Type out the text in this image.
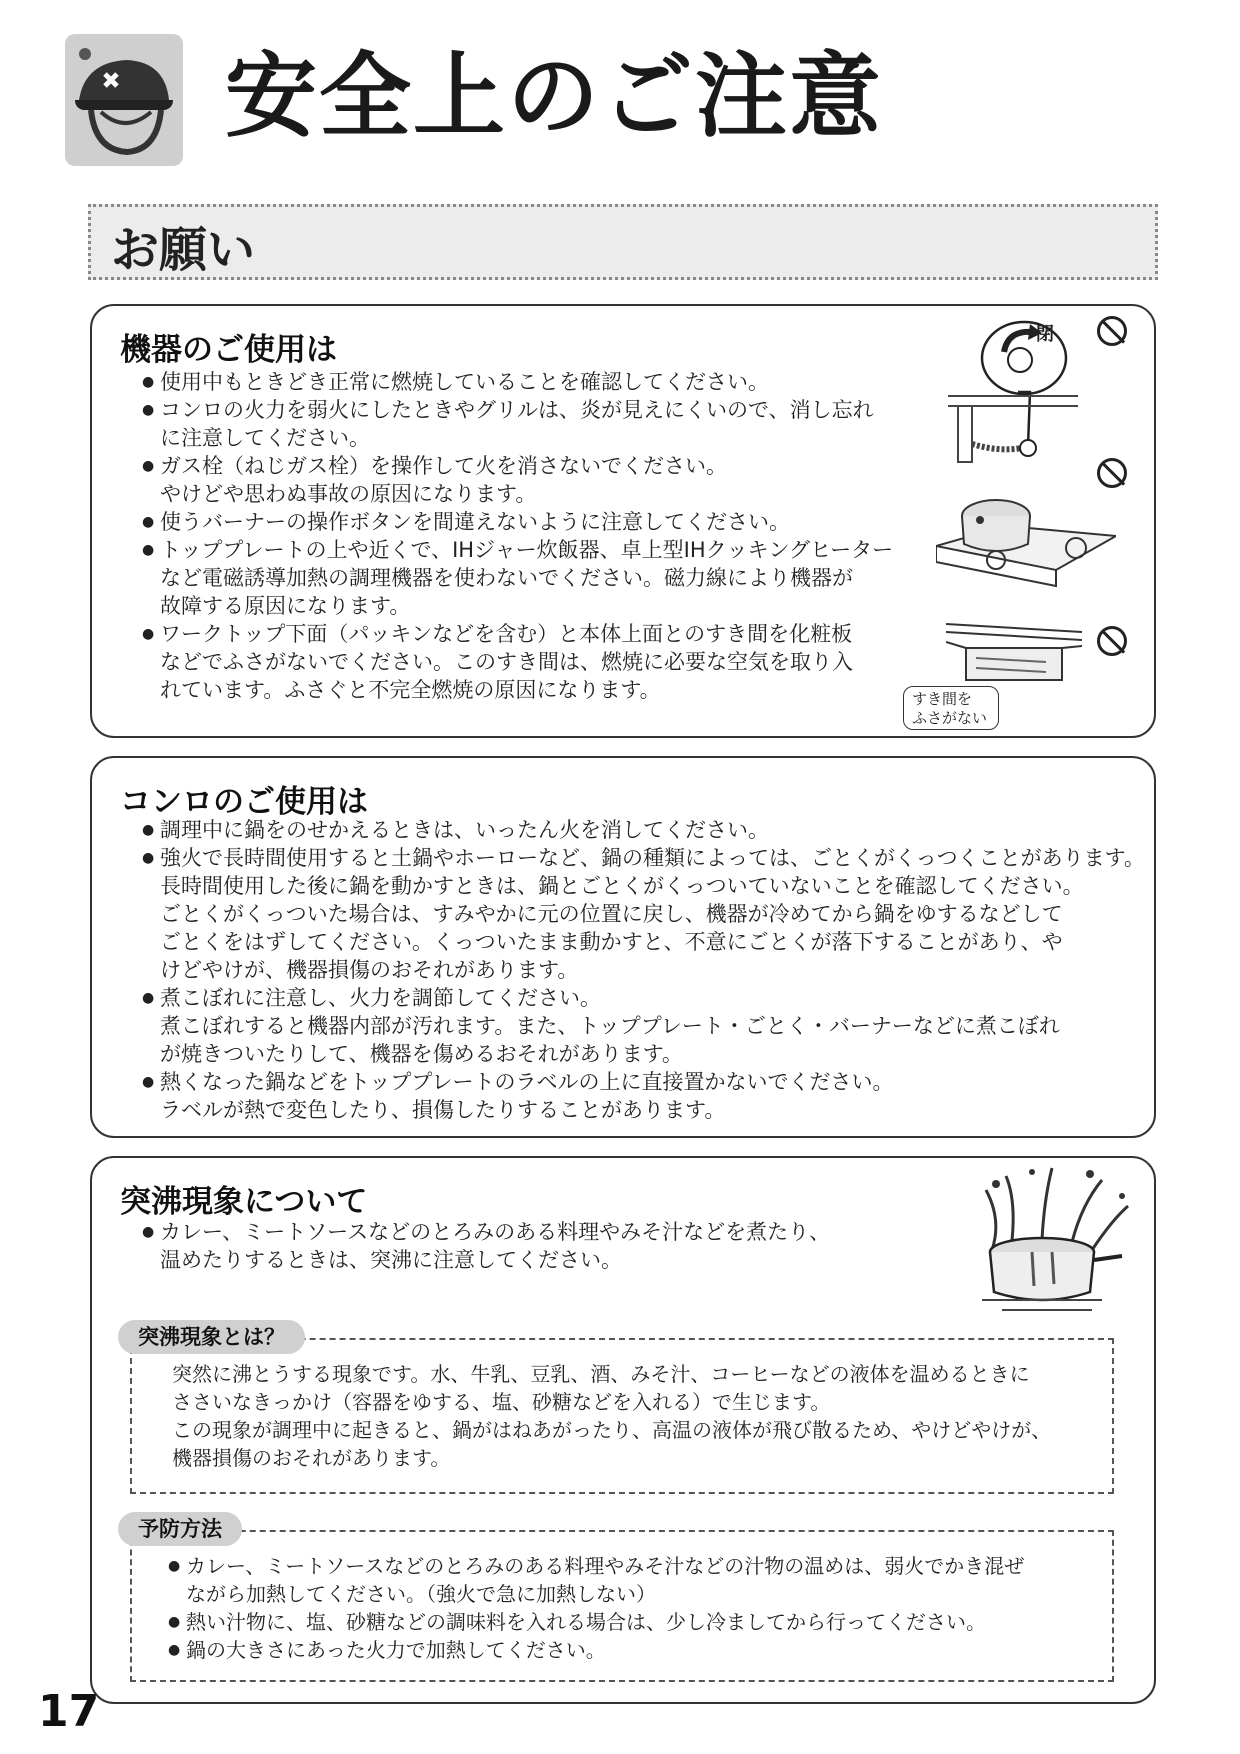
安全上のご注意
お願い
機器のご使用は
● 使用中もときどき正常に燃焼していることを確認してください。
● コンロの火力を弱火にしたときやグリルは、炎が見えにくいので、消し忘れ
に注意してください。
● ガス栓（ねじガス栓）を操作して火を消さないでください。
やけどや思わぬ事故の原因になります。
● 使うバーナーの操作ボタンを間違えないように注意してください。
● トッププレートの上や近くで、IHジャー炊飯器、卓上型IHクッキングヒーター
など電磁誘導加熱の調理機器を使わないでください。磁力線により機器が
故障する原因になります。
● ワークトップ下面（パッキンなどを含む）と本体上面とのすき間を化粧板
などでふさがないでください。このすき間は、燃焼に必要な空気を取り入
れています。ふさぐと不完全燃焼の原因になります。
閉
すき間を
ふさがない
コンロのご使用は
● 調理中に鍋をのせかえるときは、いったん火を消してください。
● 強火で長時間使用すると土鍋やホーローなど、鍋の種類によっては、ごとくがくっつくことがあります。
長時間使用した後に鍋を動かすときは、鍋とごとくがくっついていないことを確認してください。
ごとくがくっついた場合は、すみやかに元の位置に戻し、機器が冷めてから鍋をゆするなどして
ごとくをはずしてください。くっついたまま動かすと、不意にごとくが落下することがあり、や
けどやけが、機器損傷のおそれがあります。
● 煮こぼれに注意し、火力を調節してください。
煮こぼれすると機器内部が汚れます。また、トッププレート・ごとく・バーナーなどに煮こぼれ
が焼きついたりして、機器を傷めるおそれがあります。
● 熱くなった鍋などをトッププレートのラベルの上に直接置かないでください。
ラベルが熱で変色したり、損傷したりすることがあります。
突沸現象について
● カレー、ミートソースなどのとろみのある料理やみそ汁などを煮たり、
温めたりするときは、突沸に注意してください。
突沸現象とは？
突然に沸とうする現象です。水、牛乳、豆乳、酒、みそ汁、コーヒーなどの液体を温めるときに
ささいなきっかけ（容器をゆする、塩、砂糖などを入れる）で生じます。
この現象が調理中に起きると、鍋がはねあがったり、高温の液体が飛び散るため、やけどやけが、
機器損傷のおそれがあります。
予防方法
● カレー、ミートソースなどのとろみのある料理やみそ汁などの汁物の温めは、弱火でかき混ぜ
ながら加熱してください。（強火で急に加熱しない）
● 熱い汁物に、塩、砂糖などの調味料を入れる場合は、少し冷ましてから行ってください。
● 鍋の大きさにあった火力で加熱してください。
17
